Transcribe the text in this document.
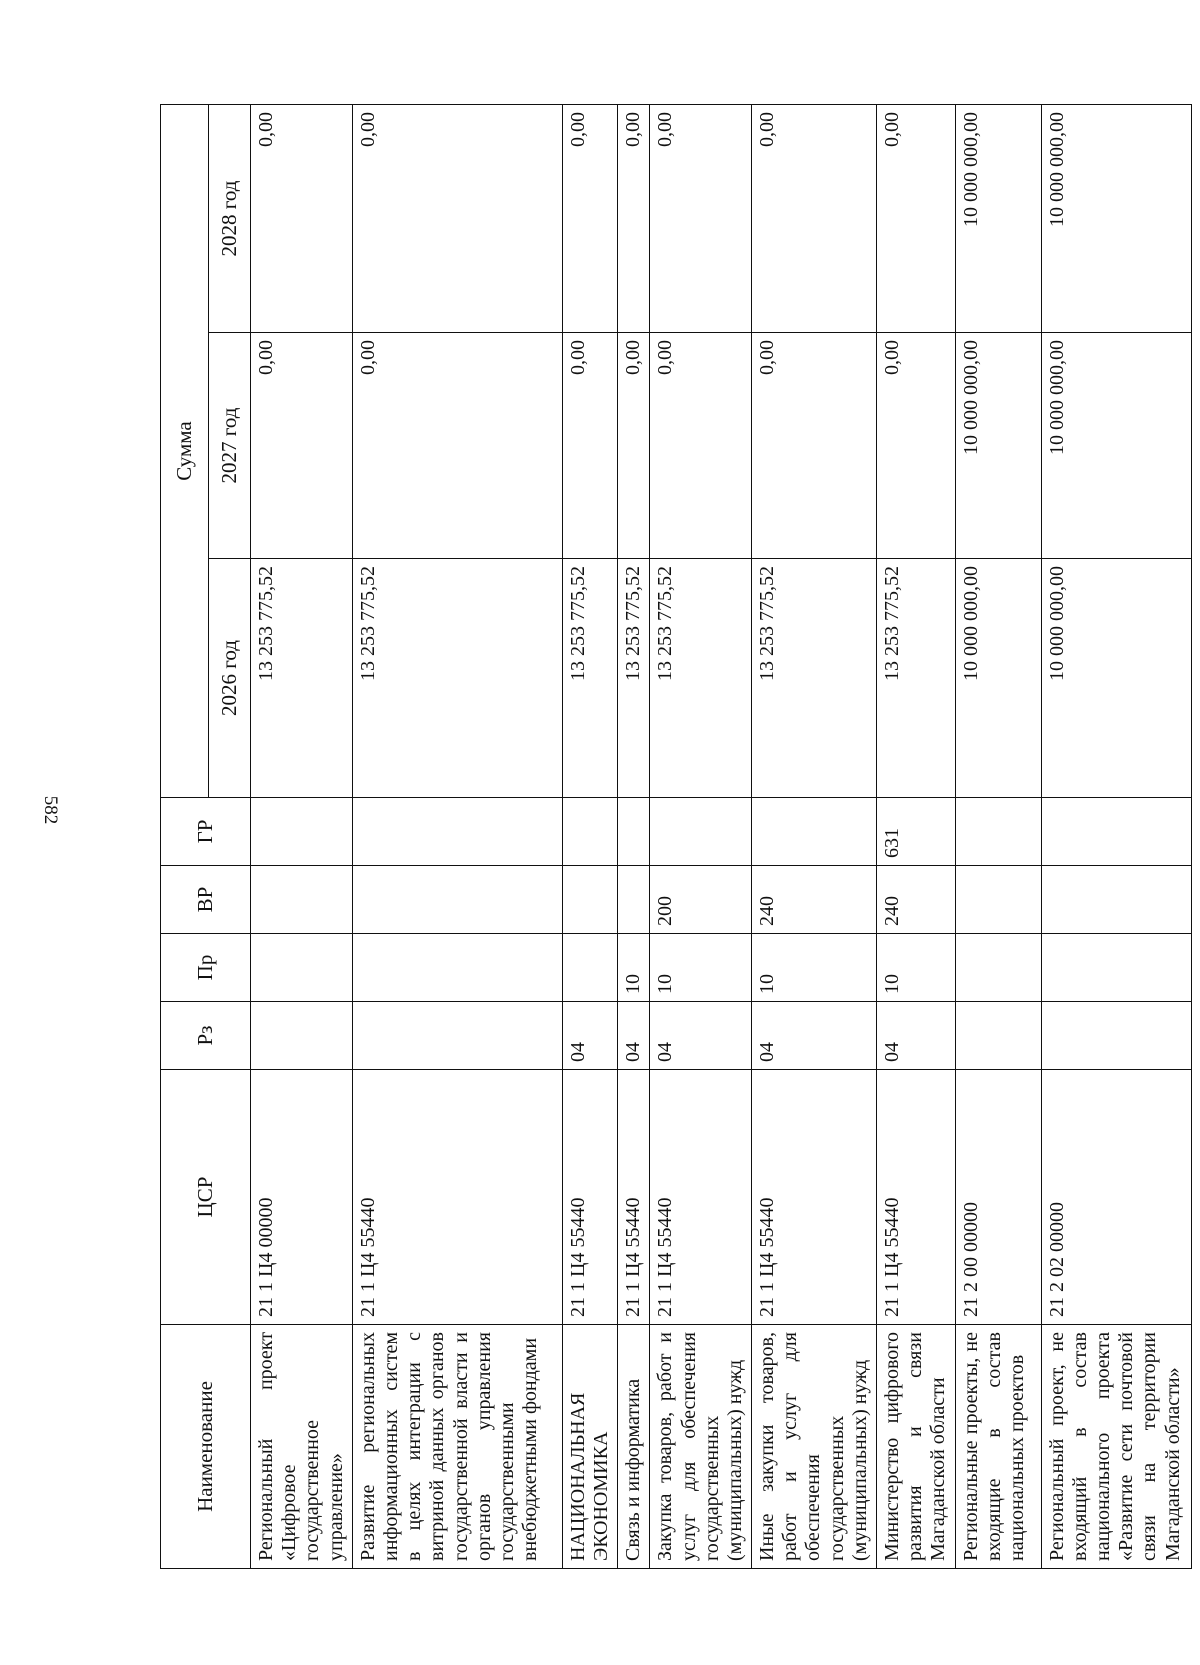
582
Наименование	ЦСР	Рз	Пр	ВР	ГР	Сумма		
						2026 год	2027 год	2028 год
Региональный проект «Цифровое государственное управление»	21 1 Ц4 00000					13 253 775,52	0,00	0,00
Развитие региональных информационных систем в целях интеграции с витриной данных органов государственной власти и органов управления государственными внебюджетными фондами	21 1 Ц4 55440					13 253 775,52	0,00	0,00
НАЦИОНАЛЬНАЯ ЭКОНОМИКА	21 1 Ц4 55440	04				13 253 775,52	0,00	0,00
Связь и информатика	21 1 Ц4 55440	04	10			13 253 775,52	0,00	0,00
Закупка товаров, работ и услуг для обеспечения государственных (муниципальных) нужд	21 1 Ц4 55440	04	10	200		13 253 775,52	0,00	0,00
Иные закупки товаров, работ и услуг для обеспечения государственных (муниципальных) нужд	21 1 Ц4 55440	04	10	240		13 253 775,52	0,00	0,00
Министерство цифрового развития и связи Магаданской области	21 1 Ц4 55440	04	10	240	631	13 253 775,52	0,00	0,00
Региональные проекты, не входящие в состав национальных проектов	21 2 00 00000					10 000 000,00	10 000 000,00	10 000 000,00
Региональный проект, не входящий в состав национального проекта «Развитие сети почтовой связи на территории Магаданской области»	21 2 02 00000					10 000 000,00	10 000 000,00	10 000 000,00
